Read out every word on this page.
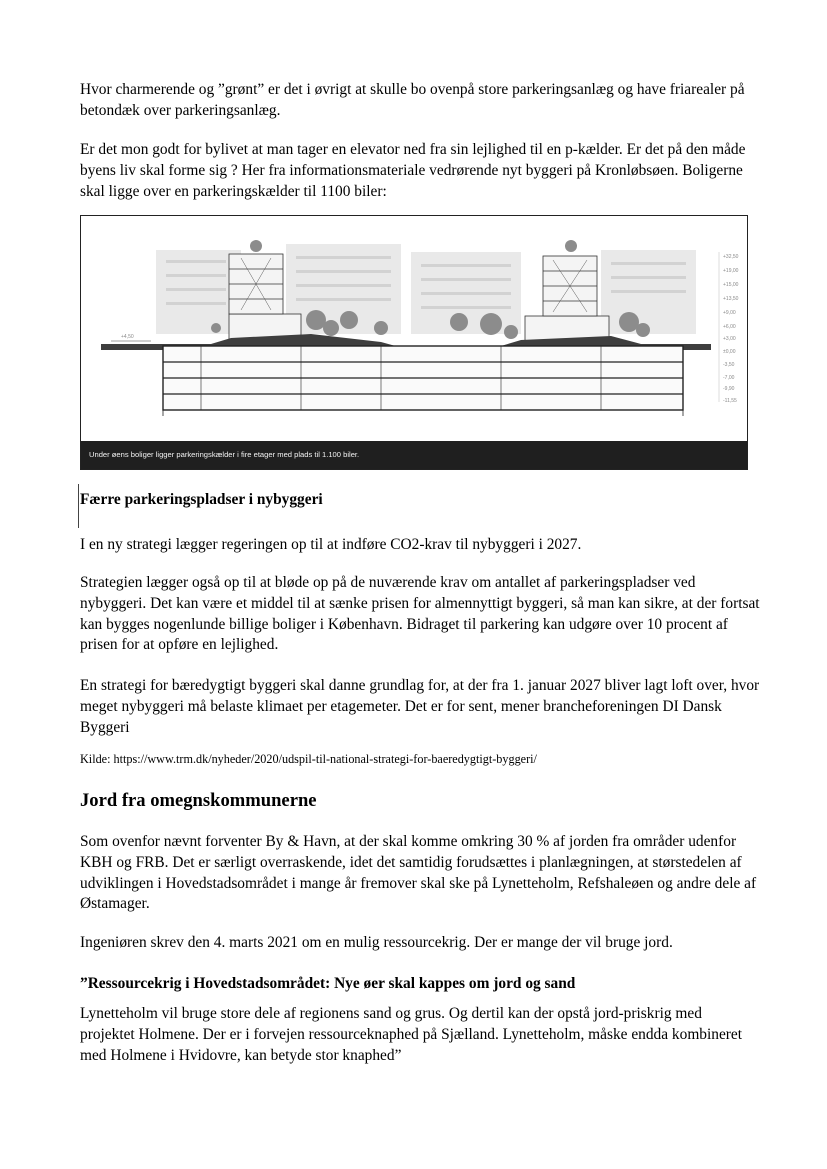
Hvor charmerende og ”grønt” er det i øvrigt at skulle bo ovenpå store parkeringsanlæg og have friarealer på betondæk over parkeringsanlæg.

Er det mon godt for bylivet at man tager en elevator ned fra sin lejlighed til en p-kælder. Er det på den måde byens liv skal forme sig ? Her fra informationsmateriale vedrørende nyt byggeri på Kronløbsøen. Boligerne skal ligge over en parkeringskælder til 1100 biler:

+4,50
+32,50
+19,00
+15,00
+13,50
+9,00
+6,00
+3,00
±0,00
-3,50
-7,00
-9,90
-11,55
Under øens boliger ligger parkeringskælder i fire etager med plads til 1.100 biler.
Færre parkeringspladser i nybyggeri

I en ny strategi lægger regeringen op til at indføre CO2-krav til nybyggeri i 2027.

Strategien lægger også op til at bløde op på de nuværende krav om antallet af parkeringspladser ved nybyggeri. Det kan være et middel til at sænke prisen for almennyttigt byggeri, så man kan sikre, at der fortsat kan bygges nogenlunde billige boliger i København. Bidraget til parkering kan udgøre over 10 procent af prisen for at opføre en lejlighed.

En strategi for bæredygtigt byggeri skal danne grundlag for, at der fra 1. januar 2027 bliver lagt loft over, hvor meget nybyggeri må belaste klimaet per etagemeter. Det er for sent, mener brancheforeningen DI Dansk Byggeri

Kilde: https://www.trm.dk/nyheder/2020/udspil-til-national-strategi-for-baeredygtigt-byggeri/

Jord fra omegnskommunerne

Som ovenfor nævnt forventer By & Havn, at der skal komme omkring 30 % af jorden fra områder udenfor KBH og FRB. Det er særligt overraskende, idet det samtidig forudsættes i planlægningen, at størstedelen af udviklingen i Hovedstadsområdet i mange år fremover skal ske på Lynetteholm, Refshaleøen og andre dele af Østamager.

Ingeniøren skrev den 4. marts 2021 om en mulig ressourcekrig. Der er mange der vil bruge jord.

”Ressourcekrig i Hovedstadsområdet: Nye øer skal kappes om jord og sand

Lynetteholm vil bruge store dele af regionens sand og grus. Og dertil kan der opstå jord-priskrig med projektet Holmene. Der er i forvejen ressourceknaphed på Sjælland. Lynetteholm, måske endda kombineret med Holmene i Hvidovre, kan betyde stor knaphed”
